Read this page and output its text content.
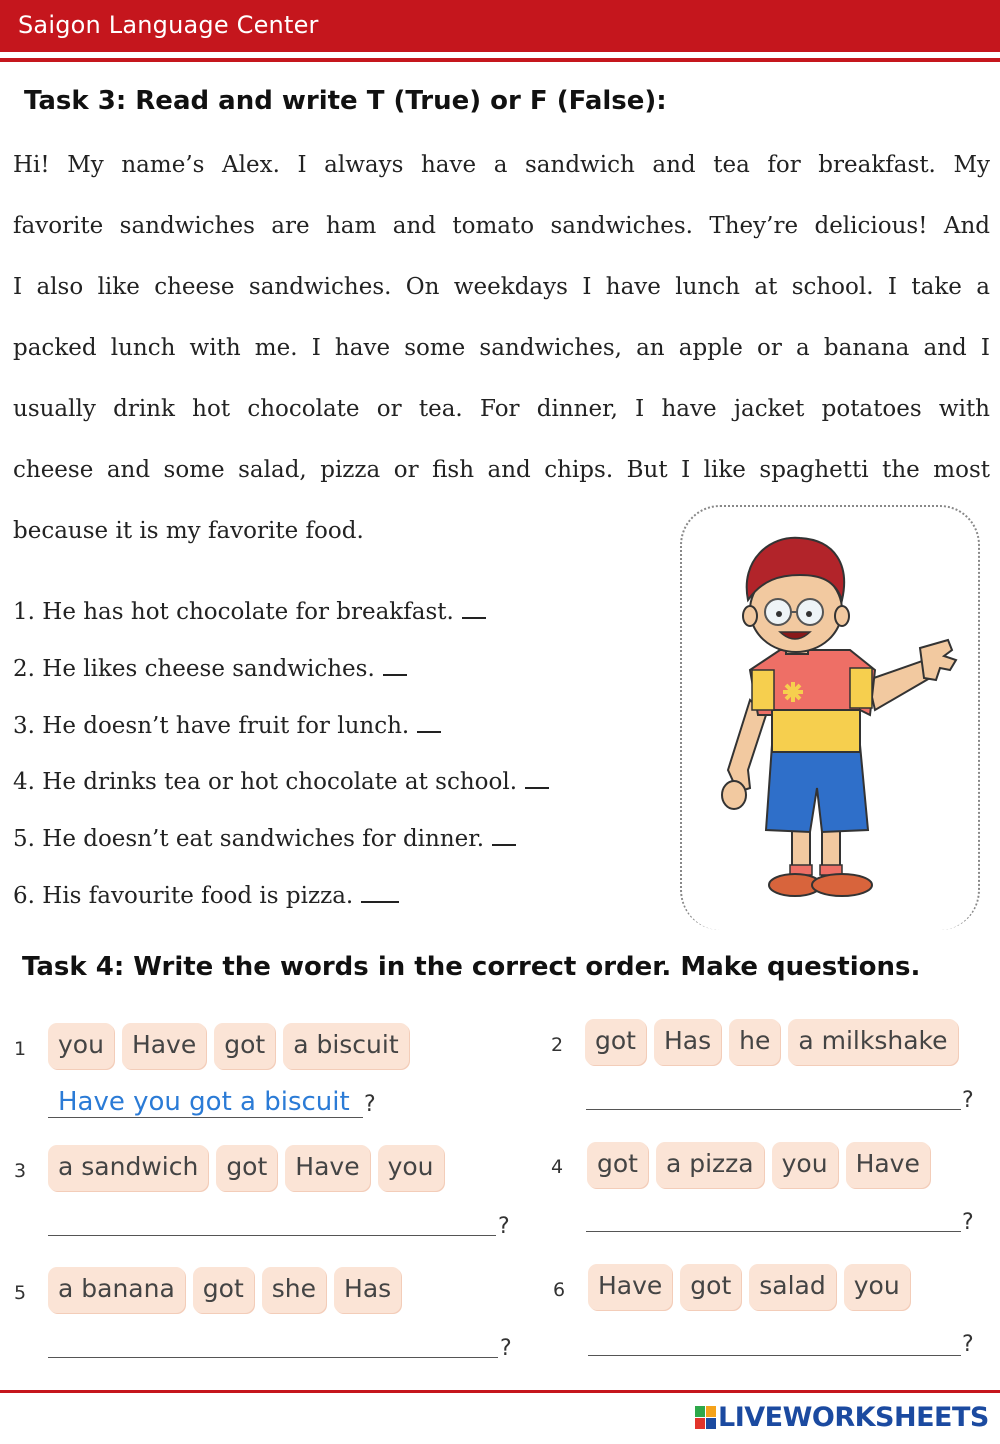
Saigon Language Center
Task 3: Read and write T (True) or F (False):
Hi! My name’s Alex. I always have a sandwich and tea for breakfast. My
favorite sandwiches are ham and tomato sandwiches. They’re delicious! And
I also like cheese sandwiches. On weekdays I have lunch at school. I take a
packed lunch with me. I have some sandwiches, an apple or a banana and I
usually drink hot chocolate or tea. For dinner, I have jacket potatoes with
cheese and some salad, pizza or fish and chips. But I like spaghetti the most
because it is my favorite food.
1. He has hot chocolate for breakfast.
2. He likes cheese sandwiches.
3. He doesn’t have fruit for lunch.
4. He drinks tea or hot chocolate at school.
5. He doesn’t eat sandwiches for dinner.
6. His favourite food is pizza.
Task 4: Write the words in the correct order. Make questions.
1	you	Have	got	a biscuit
Have you got a biscuit ?
2	got	Has	he	a milkshake
?
3	a sandwich	got	Have	you
?
4	got	a pizza	you	Have
?
5	a banana	got	she	Has
?
6	Have	got	salad	you
?
LIVEWORKSHEETS
